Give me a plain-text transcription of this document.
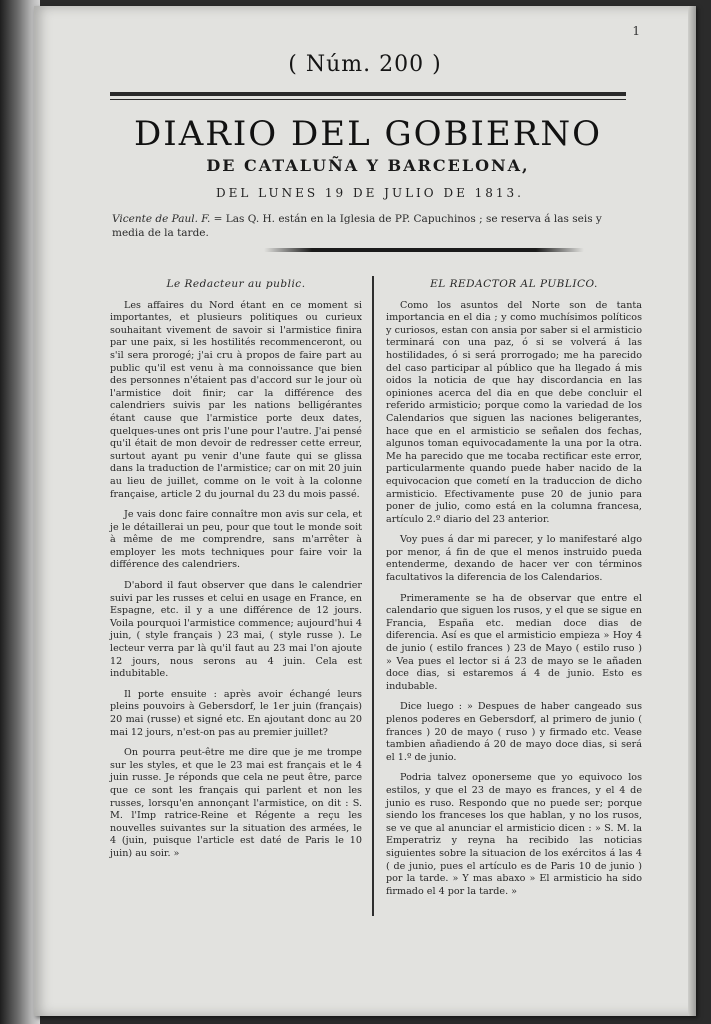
1
( Núm. 200 )
DIARIO DEL GOBIERNO
DE CATALUÑA Y BARCELONA,
DEL LUNES 19 DE JULIO DE 1813.
Vicente de Paul. F. = Las Q. H. están en la Iglesia de PP. Capuchinos ; se reserva á las seis y media de la tarde.
Le Redacteur au public.

Les affaires du Nord étant en ce moment si importantes, et plusieurs politiques ou curieux souhaitant vivement de savoir si l'armistice finira par une paix, si les hostilités recommenceront, ou s'il sera prorogé; j'ai cru à propos de faire part au public qu'il est venu à ma connoissance que bien des personnes n'étaient pas d'accord sur le jour où l'armistice doit finir; car la différence des calendriers suivis par les nations belligérantes étant cause que l'armistice porte deux dates, quelques-unes ont pris l'une pour l'autre. J'ai pensé qu'il était de mon devoir de redresser cette erreur, surtout ayant pu venir d'une faute qui se glissa dans la traduction de l'armistice; car on mit 20 juin au lieu de juillet, comme on le voit à la colonne française, article 2 du journal du 23 du mois passé.

Je vais donc faire connaître mon avis sur cela, et je le détaillerai un peu, pour que tout le monde soit à même de me comprendre, sans m'arrêter à employer les mots techniques pour faire voir la différence des calendriers.

D'abord il faut observer que dans le calendrier suivi par les russes et celui en usage en France, en Espagne, etc. il y a une différence de 12 jours. Voila pourquoi l'armistice commence; aujourd'hui 4 juin, ( style français ) 23 mai, ( style russe ). Le lecteur verra par là qu'il faut au 23 mai l'on ajoute 12 jours, nous serons au 4 juin. Cela est indubitable.

Il porte ensuite : après avoir échangé leurs pleins pouvoirs à Gebersdorf, le 1er juin (français) 20 mai (russe) et signé etc. En ajoutant donc au 20 mai 12 jours, n'est-on pas au premier juillet?

On pourra peut-être me dire que je me trompe sur les styles, et que le 23 mai est français et le 4 juin russe. Je réponds que cela ne peut être, parce que ce sont les français qui parlent et non les russes, lorsqu'en annonçant l'armistice, on dit : S. M. l'Imp ratrice-Reine et Régente a reçu les nouvelles suivantes sur la situation des armées, le 4 (juin, puisque l'article est daté de Paris le 10 juin) au soir. »

EL REDACTOR AL PUBLICO.

Como los asuntos del Norte son de tanta importancia en el dia ; y como muchísimos políticos y curiosos, estan con ansia por saber si el armisticio terminará con una paz, ó si se volverá á las hostilidades, ó si será prorrogado; me ha parecido del caso participar al público que ha llegado á mis oidos la noticia de que hay discordancia en las opiniones acerca del dia en que debe concluir el referido armisticio; porque como la variedad de los Calendarios que siguen las naciones beligerantes, hace que en el armisticio se señalen dos fechas, algunos toman equivocadamente la una por la otra. Me ha parecido que me tocaba rectificar este error, particularmente quando puede haber nacido de la equivocacion que cometí en la traduccion de dicho armisticio. Efectivamente puse 20 de junio para poner de julio, como está en la columna francesa, artículo 2.º diario del 23 anterior.

Voy pues á dar mi parecer, y lo manifestaré algo por menor, á fin de que el menos instruido pueda entenderme, dexando de hacer ver con términos facultativos la diferencia de los Calendarios.

Primeramente se ha de observar que entre el calendario que siguen los rusos, y el que se sigue en Francia, España etc. median doce dias de diferencia. Así es que el armisticio empieza » Hoy 4 de junio ( estilo frances ) 23 de Mayo ( estilo ruso ) » Vea pues el lector si á 23 de mayo se le añaden doce dias, si estaremos á 4 de junio. Esto es indubable.

Dice luego : » Despues de haber cangeado sus plenos poderes en Gebersdorf, al primero de junio ( frances ) 20 de mayo ( ruso ) y firmado etc. Vease tambien añadiendo á 20 de mayo doce dias, si será el 1.º de junio.

Podria talvez oponerseme que yo equivoco los estilos, y que el 23 de mayo es frances, y el 4 de junio es ruso. Respondo que no puede ser; porque siendo los franceses los que hablan, y no los rusos, se ve que al anunciar el armisticio dicen : » S. M. la Emperatriz y reyna ha recibido las noticias siguientes sobre la situacion de los exércitos á las 4 ( de junio, pues el artículo es de Paris 10 de junio ) por la tarde. » Y mas abaxo » El armisticio ha sido firmado el 4 por la tarde. »
